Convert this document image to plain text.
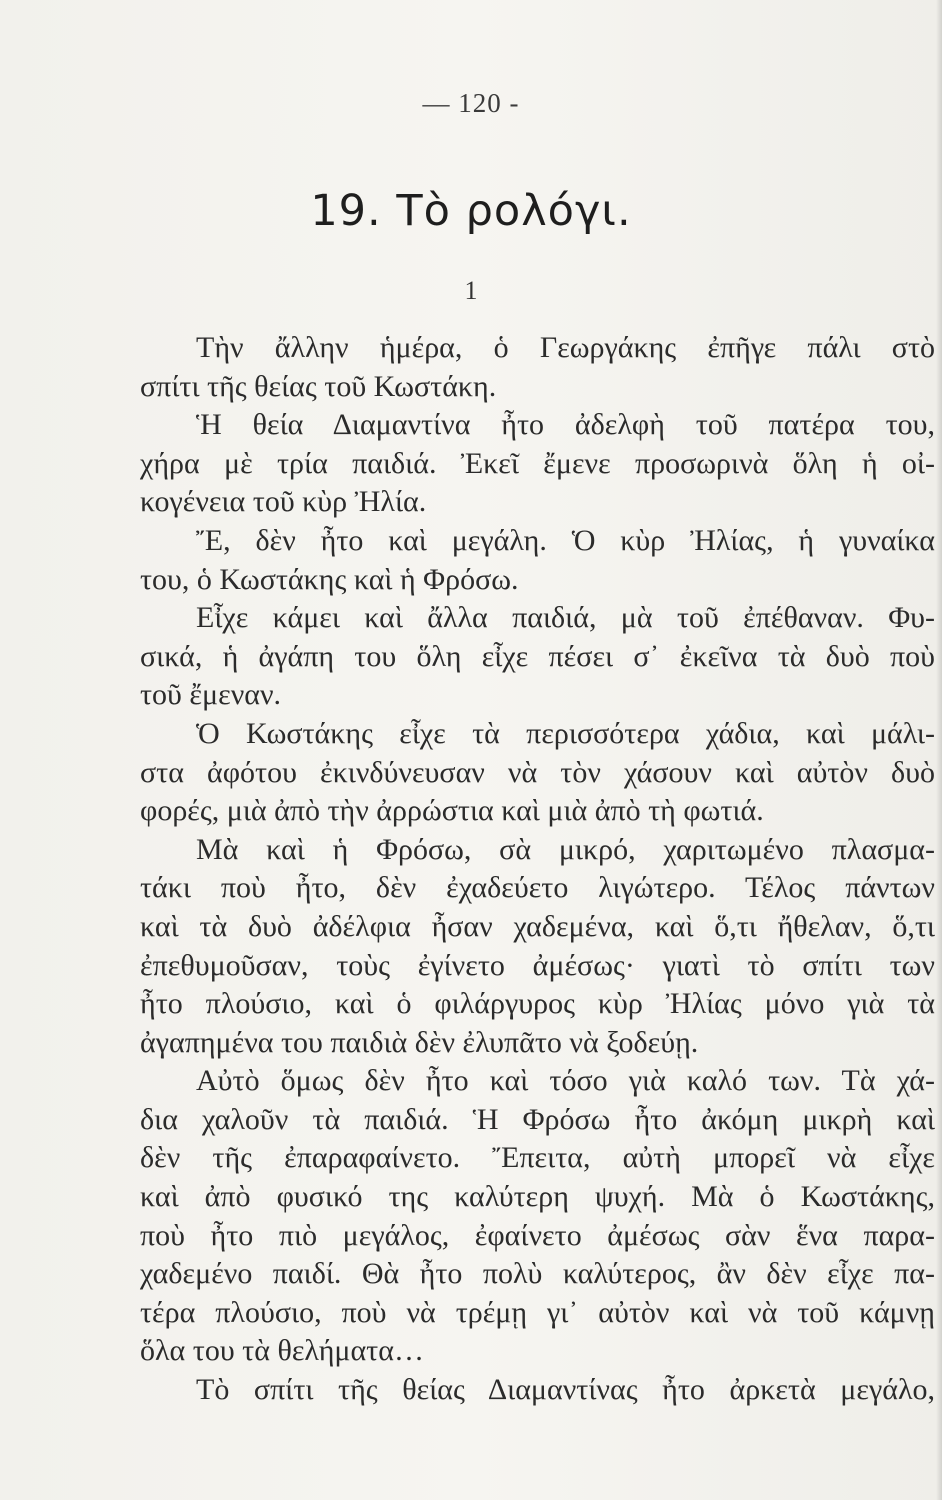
— 120 -
19. Τὸ ρολόγι.
1
Τὴν ἄλλην ἡμέρα, ὁ Γεωργάκης ἐπῆγε πάλι στὸ
σπίτι τῆς θείας τοῦ Κωστάκη.
Ἡ θεία Διαμαντίνα ἦτο ἀδελφὴ τοῦ πατέρα του,
χήρα μὲ τρία παιδιά. Ἐκεῖ ἔμενε προσωρινὰ ὅλη ἡ οἰ-
κογένεια τοῦ κὺρ Ἠλία.
Ἔ, δὲν ἦτο καὶ μεγάλη. Ὁ κὺρ Ἠλίας, ἡ γυναίκα
του, ὁ Κωστάκης καὶ ἡ Φρόσω.
Εἶχε κάμει καὶ ἄλλα παιδιά, μὰ τοῦ ἐπέθαναν. Φυ-
σικά, ἡ ἀγάπη του ὅλη εἶχε πέσει σ᾽ ἐκεῖνα τὰ δυὸ ποὺ
τοῦ ἔμεναν.
Ὁ Κωστάκης εἶχε τὰ περισσότερα χάδια, καὶ μάλι-
στα ἀφότου ἐκινδύνευσαν νὰ τὸν χάσουν καὶ αὐτὸν δυὸ
φορές, μιὰ ἀπὸ τὴν ἀρρώστια καὶ μιὰ ἀπὸ τὴ φωτιά.
Μὰ καὶ ἡ Φρόσω, σὰ μικρό, χαριτωμένο πλασμα-
τάκι ποὺ ἦτο, δὲν ἐχαδεύετο λιγώτερο. Τέλος πάντων
καὶ τὰ δυὸ ἀδέλφια ἦσαν χαδεμένα, καὶ ὅ,τι ἤθελαν, ὅ,τι
ἐπεθυμοῦσαν, τοὺς ἐγίνετο ἀμέσως· γιατὶ τὸ σπίτι των
ἦτο πλούσιο, καὶ ὁ φιλάργυρος κὺρ Ἠλίας μόνο γιὰ τὰ
ἀγαπημένα του παιδιὰ δὲν ἐλυπᾶτο νὰ ξοδεύῃ.
Αὐτὸ ὅμως δὲν ἦτο καὶ τόσο γιὰ καλό των. Τὰ χά-
δια χαλοῦν τὰ παιδιά. Ἡ Φρόσω ἦτο ἀκόμη μικρὴ καὶ
δὲν τῆς ἐπαραφαίνετο. Ἔπειτα, αὐτὴ μπορεῖ νὰ εἶχε
καὶ ἀπὸ φυσικό της καλύτερη ψυχή. Μὰ ὁ Κωστάκης,
ποὺ ἦτο πιὸ μεγάλος, ἐφαίνετο ἀμέσως σὰν ἕνα παρα-
χαδεμένο παιδί. Θὰ ἦτο πολὺ καλύτερος, ἂν δὲν εἶχε πα-
τέρα πλούσιο, ποὺ νὰ τρέμῃ γι᾽ αὐτὸν καὶ νὰ τοῦ κάμνῃ
ὅλα του τὰ θελήματα…
Τὸ σπίτι τῆς θείας Διαμαντίνας ἦτο ἀρκετὰ μεγάλο,
